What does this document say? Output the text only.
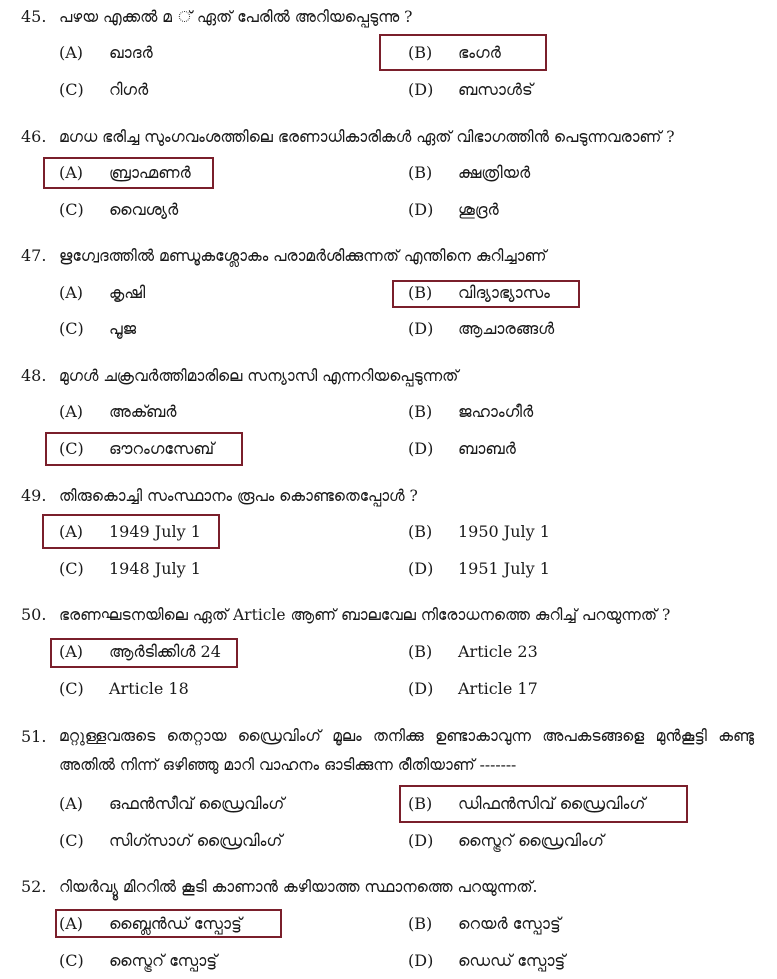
45. പഴയ എക്കൽ മ ് ഏത് പേരിൽ അറിയപ്പെടുന്നു ?
(A) ഖാദർ	(B) ഭംഗർ
(C) റിഗർ	(D) ബസാൾട്
46. മഗധ ഭരിച്ച സുംഗവംശത്തിലെ ഭരണാധികാരികൾ ഏത് വിഭാഗത്തിൻ പെടുന്നവരാണ് ?
(A) ബ്രാഹ്മണർ	(B) ക്ഷത്രിയർ
(C) വൈശ്യർ	(D) ശൂദ്രർ
47. ഋഗ്വേദത്തിൽ മണ്ഡൂകശ്ലോകം പരാമർശിക്കുന്നത് എന്തിനെ കുറിച്ചാണ്
(A) കൃഷി	(B) വിദ്യാഭ്യാസം
(C) പൂജ	(D) ആചാരങ്ങൾ
48. മുഗൾ ചക്രവർത്തിമാരിലെ സന്യാസി എന്നറിയപ്പെടുന്നത്
(A) അക്ബർ	(B) ജഹാംഗീർ
(C) ഔറംഗസേബ്	(D) ബാബർ
49. തിരുകൊച്ചി സംസ്ഥാനം രൂപം കൊണ്ടതെപ്പോൾ ?
(A) 1949 July 1	(B) 1950 July 1
(C) 1948 July 1	(D) 1951 July 1
50. ഭരണഘടനയിലെ ഏത് Article ആണ് ബാലവേല നിരോധനത്തെ കുറിച്ച് പറയുന്നത് ?
(A) ആർടിക്കിൾ 24	(B) Article 23
(C) Article 18	(D) Article 17
51. മറ്റുള്ളവരുടെ തെറ്റായ ഡ്രൈവിംഗ് മൂലം തനിക്കു ഉണ്ടാകാവുന്ന അപകടങ്ങളെ മുൻകൂട്ടി കണ്ടു അതിൽ നിന്ന് ഒഴിഞ്ഞു മാറി വാഹനം ഓടിക്കുന്ന രീതിയാണ് -------
(A) ഒഫൻസീവ് ഡ്രൈവിംഗ്	(B) ഡിഫൻസിവ് ഡ്രൈവിംഗ്
(C) സിഗ്സാഗ് ഡ്രൈവിംഗ്	(D) സ്ട്രൈറ് ഡ്രൈവിംഗ്
52. റിയർവ്യൂ മിററിൽ കൂടി കാണാൻ കഴിയാത്ത സ്ഥാനത്തെ പറയുന്നത്.
(A) ബ്ലൈൻഡ് സ്പോട്ട്	(B) റെയർ സ്പോട്ട്
(C) സ്ട്രൈറ് സ്പോട്ട്	(D) ഡെഡ് സ്പോട്ട്
